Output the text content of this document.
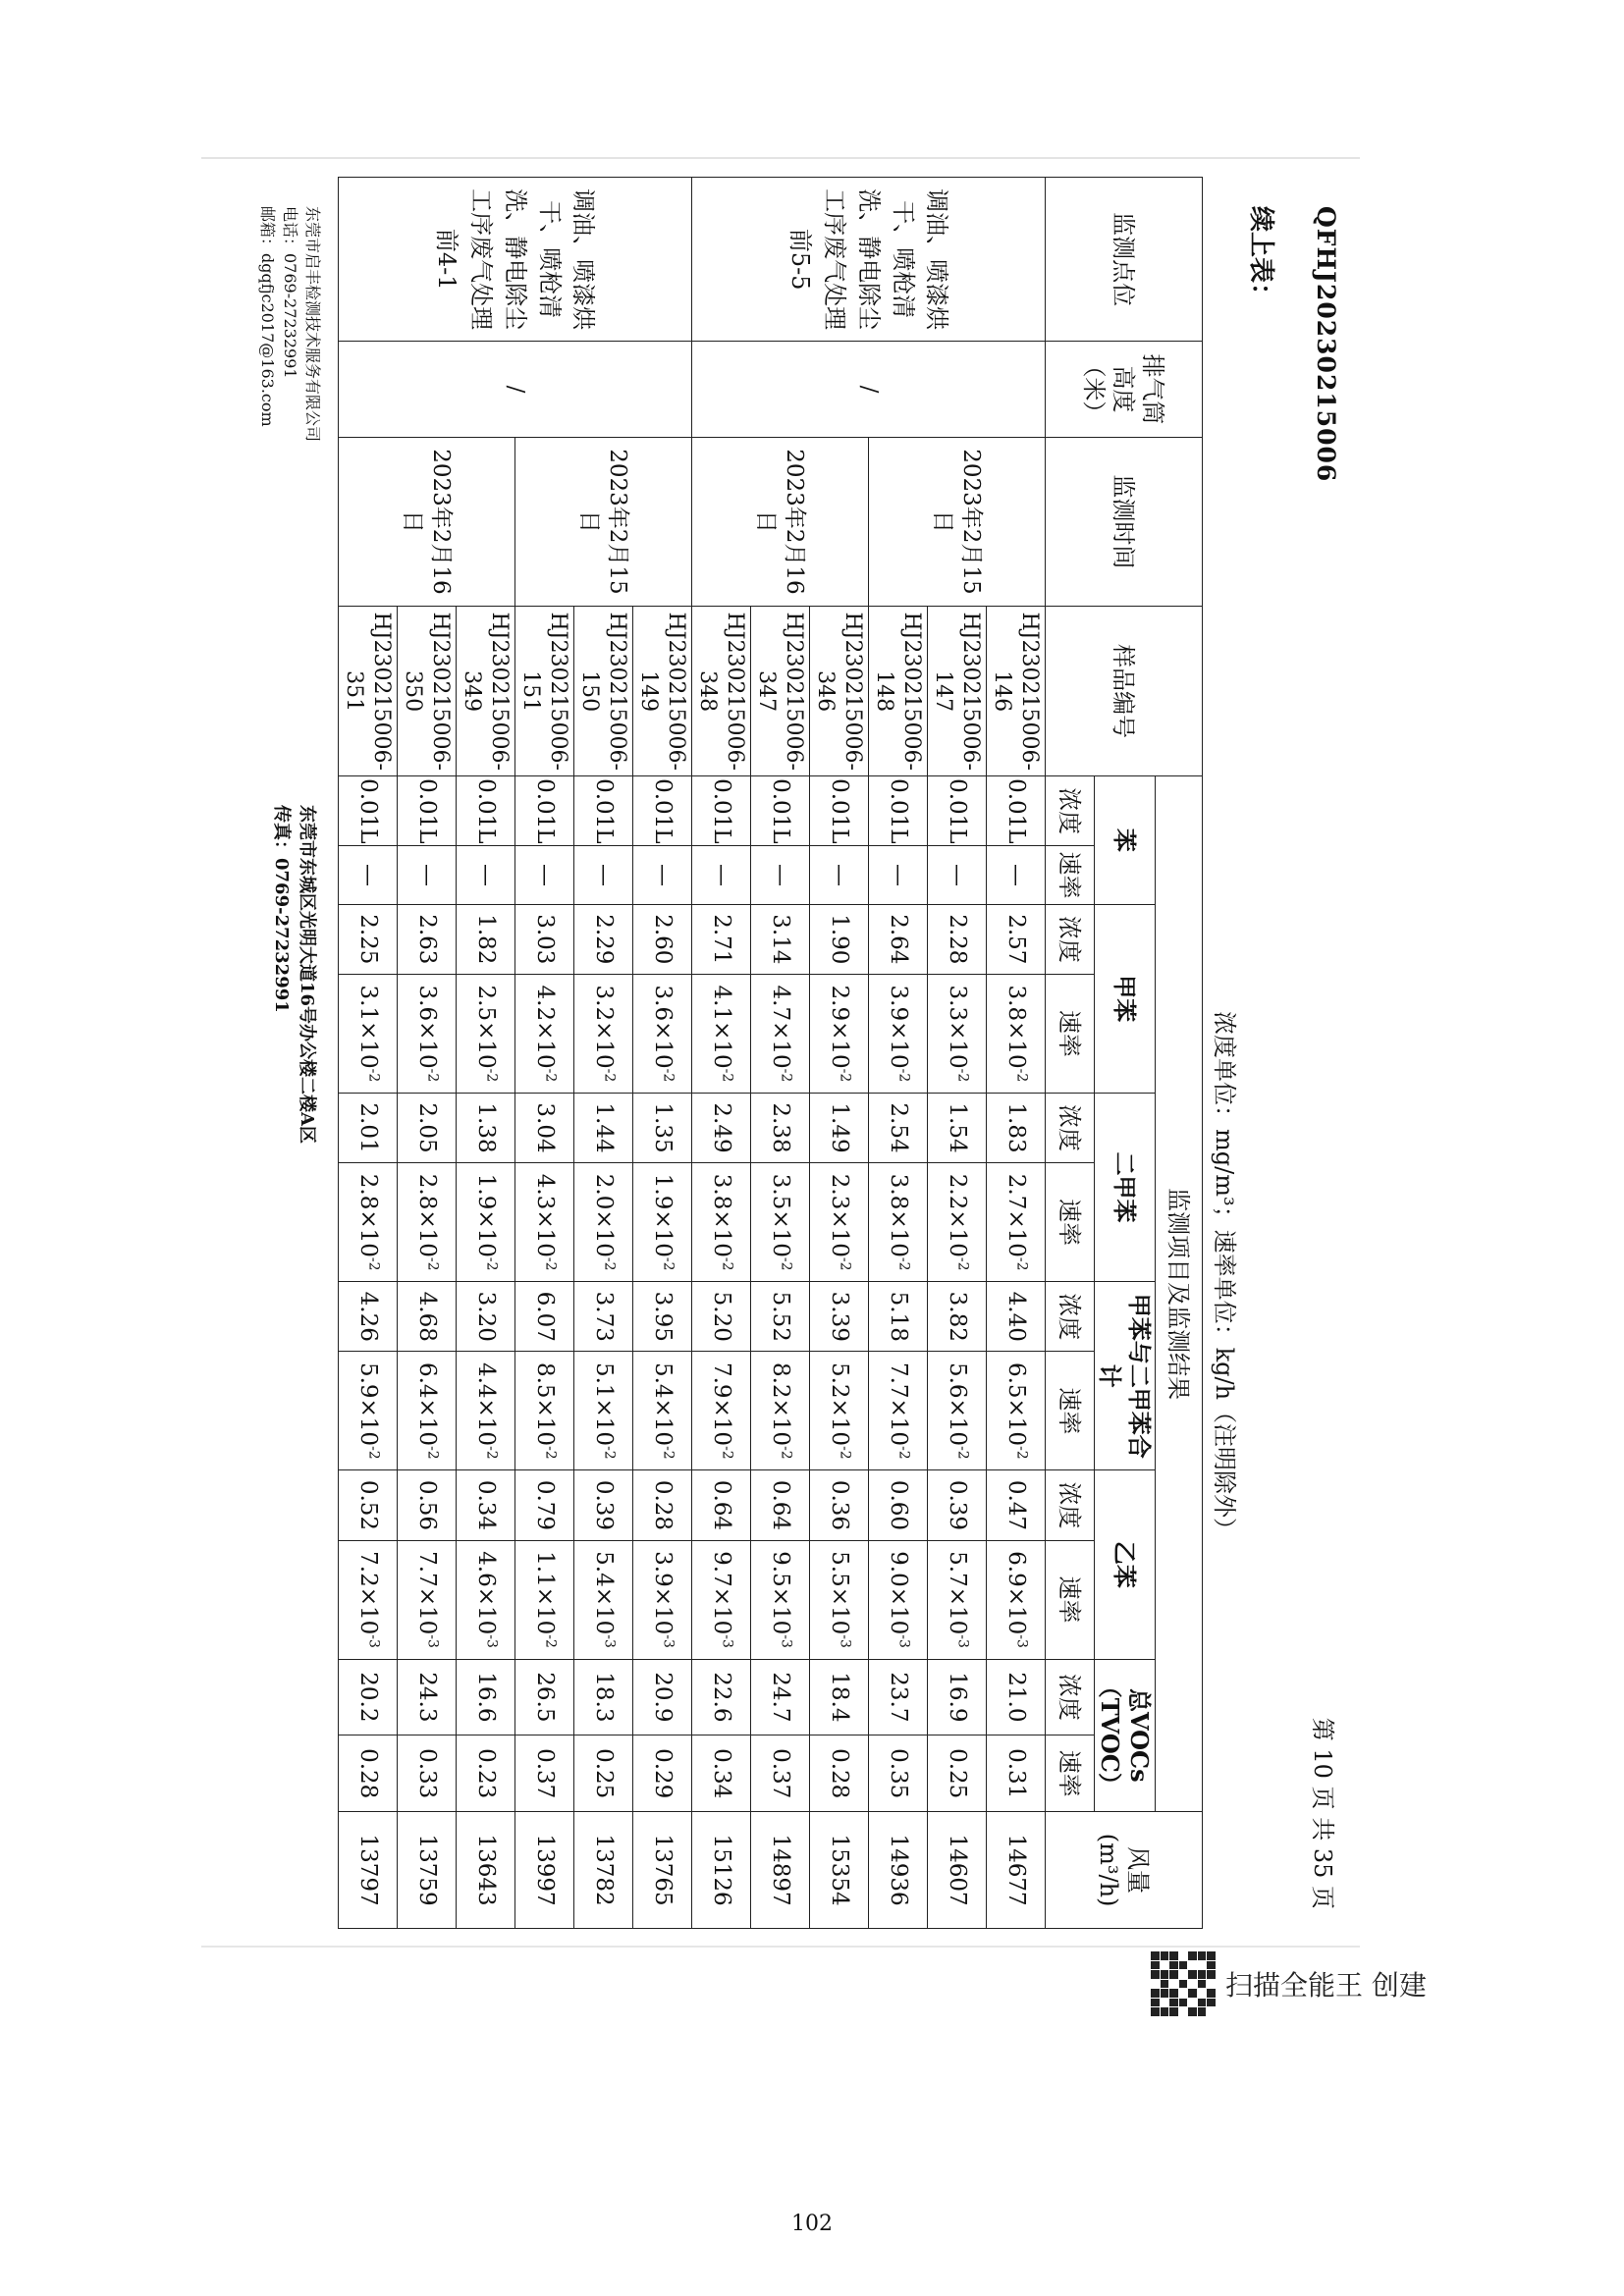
QFHJ20230215006
第 10 页 共 35 页
续上表：
浓度单位：mg/m³；速率单位：kg/h（注明除外）
监测点位	排气筒高度（米）	监测时间	样品编号	监测项目及监测结果												风量(m³/h)
				苯		甲苯		二甲苯		甲苯与二甲苯合计		乙苯		总VOCs（TVOC）		
				浓度	速率	浓度	速率	浓度	速率	浓度	速率	浓度	速率	浓度	速率	
调油、喷漆烘干、喷枪清洗、静电除尘工序废气处理前5-5	/	2023年2月15日	HJ230215006-146	0.01L	—	2.57	$3.8\times 10^{-2}$	1.83	$2.7\times 10^{-2}$	4.40	$6.5\times 10^{-2}$	0.47	$6.9\times 10^{-3}$	21.0	0.31	14677
			HJ230215006-147	0.01L	—	2.28	$3.3\times 10^{-2}$	1.54	$2.2\times 10^{-2}$	3.82	$5.6\times 10^{-2}$	0.39	$5.7\times 10^{-3}$	16.9	0.25	14607
			HJ230215006-148	0.01L	—	2.64	$3.9\times 10^{-2}$	2.54	$3.8\times 10^{-2}$	5.18	$7.7\times 10^{-2}$	0.60	$9.0\times 10^{-3}$	23.7	0.35	14936
		2023年2月16日	HJ230215006-346	0.01L	—	1.90	$2.9\times 10^{-2}$	1.49	$2.3\times 10^{-2}$	3.39	$5.2\times 10^{-2}$	0.36	$5.5\times 10^{-3}$	18.4	0.28	15354
			HJ230215006-347	0.01L	—	3.14	$4.7\times 10^{-2}$	2.38	$3.5\times 10^{-2}$	5.52	$8.2\times 10^{-2}$	0.64	$9.5\times 10^{-3}$	24.7	0.37	14897
			HJ230215006-348	0.01L	—	2.71	$4.1\times 10^{-2}$	2.49	$3.8\times 10^{-2}$	5.20	$7.9\times 10^{-2}$	0.64	$9.7\times 10^{-3}$	22.6	0.34	15126
调油、喷漆烘干、喷枪清洗、静电除尘工序废气处理前4-1	/	2023年2月15日	HJ230215006-149	0.01L	—	2.60	$3.6\times 10^{-2}$	1.35	$1.9\times 10^{-2}$	3.95	$5.4\times 10^{-2}$	0.28	$3.9\times 10^{-3}$	20.9	0.29	13765
			HJ230215006-150	0.01L	—	2.29	$3.2\times 10^{-2}$	1.44	$2.0\times 10^{-2}$	3.73	$5.1\times 10^{-2}$	0.39	$5.4\times 10^{-3}$	18.3	0.25	13782
			HJ230215006-151	0.01L	—	3.03	$4.2\times 10^{-2}$	3.04	$4.3\times 10^{-2}$	6.07	$8.5\times 10^{-2}$	0.79	$1.1\times 10^{-2}$	26.5	0.37	13997
		2023年2月16日	HJ230215006-349	0.01L	—	1.82	$2.5\times 10^{-2}$	1.38	$1.9\times 10^{-2}$	3.20	$4.4\times 10^{-2}$	0.34	$4.6\times 10^{-3}$	16.6	0.23	13643
			HJ230215006-350	0.01L	—	2.63	$3.6\times 10^{-2}$	2.05	$2.8\times 10^{-2}$	4.68	$6.4\times 10^{-2}$	0.56	$7.7\times 10^{-3}$	24.3	0.33	13759
			HJ230215006-351	0.01L	—	2.25	$3.1\times 10^{-2}$	2.01	$2.8\times 10^{-2}$	4.26	$5.9\times 10^{-2}$	0.52	$7.2\times 10^{-3}$	20.2	0.28	13797
东莞市启丰检测技术服务有限公司
电话：0769-27232991
邮箱：dgqfjc2017@163.com
东莞市东城区光明大道16号办公楼二楼A区
传真：0769-27232991
扫描全能王 创建
102
